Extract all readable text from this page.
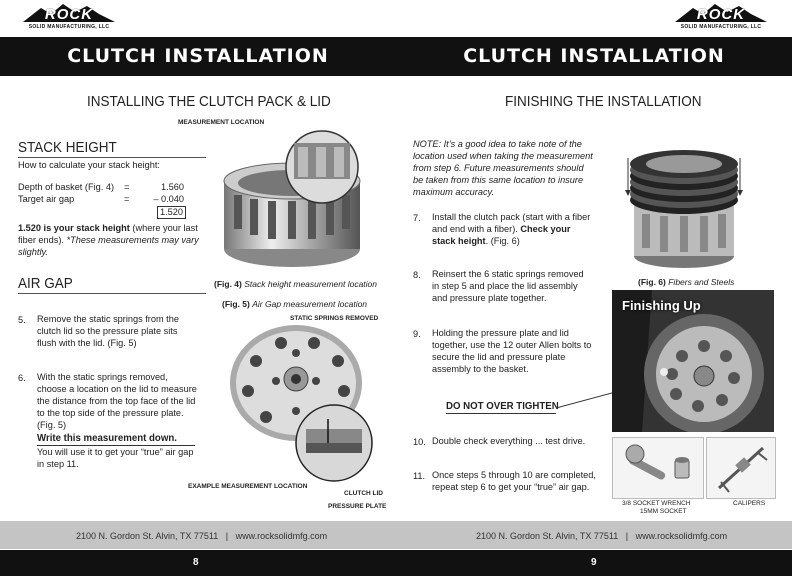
ROCK
SOLID MANUFACTURING, LLC
CLUTCH INSTALLATION
INSTALLING THE CLUTCH PACK & LID
STACK HEIGHT
How to calculate your stack height:
Depth of basket (Fig. 4) =	1.560
Target air gap	=	– 0.040
1.520
1.520 is your stack height (where your last fiber ends). *These measurements may vary slightly.
AIR GAP
5. Remove the static springs from the clutch lid so the pressure plate sits flush with the lid. (Fig. 5)
6. With the static springs removed, choose a location on the lid to measure the distance from the top face of the lid to the top side of the pressure plate. (Fig. 5)
Write this measurement down.
You will use it to get your “true” air gap in step 11.
MEASUREMENT LOCATION
(Fig. 4) Stack height measurement location
(Fig. 5) Air Gap measurement location
STATIC SPRINGS REMOVED
EXAMPLE MEASUREMENT LOCATION
CLUTCH LID
PRESSURE PLATE
2100 N. Gordon St. Alvin, TX 77511   |   www.rocksolidmfg.com
8
ROCK
SOLID MANUFACTURING, LLC
CLUTCH INSTALLATION
FINISHING THE INSTALLATION
NOTE: It’s a good idea to take note of the location used when taking the measurement from step 6. Future measurements should be taken from this same location to insure maximum accuracy.
7. Install the clutch pack (start with a fiber and end with a fiber). Check your stack height. (Fig. 6)
8. Reinsert the 6 static springs removed in step 5 and place the lid assembly and pressure plate together.
9. Holding the pressure plate and lid together, use the 12 outer Allen bolts to secure the lid and pressure plate assembly to the basket.
DO NOT OVER TIGHTEN
10. Double check everything ... test drive.
11. Once steps 5 through 10 are completed, repeat step 6 to get your “true” air gap.
(Fig. 6) Fibers and Steels
Finishing Up
3/8 SOCKET WRENCH
15MM SOCKET
CALIPERS
2100 N. Gordon St. Alvin, TX 77511   |   www.rocksolidmfg.com
9
